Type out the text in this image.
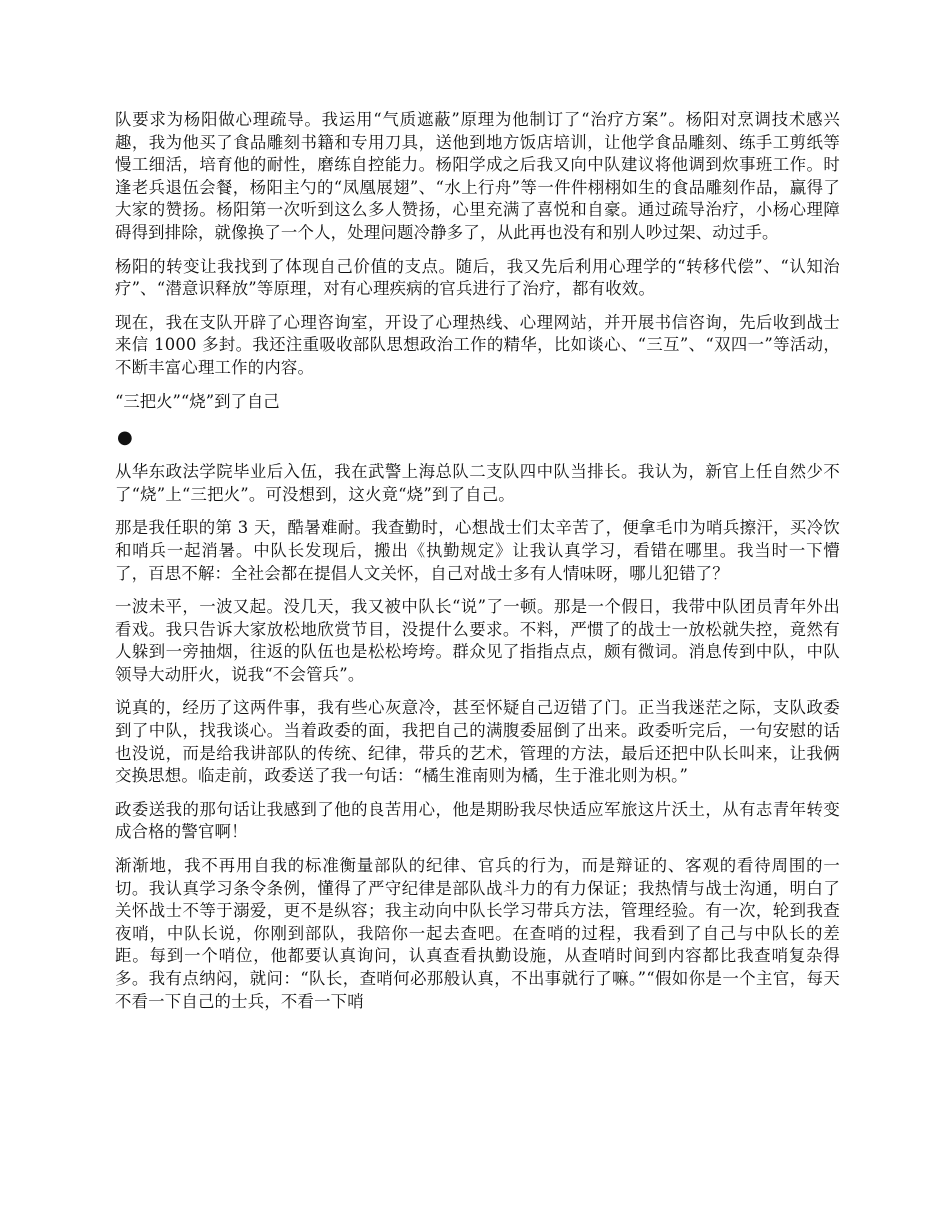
队要求为杨阳做心理疏导。我运用“气质遮蔽”原理为他制订了“治疗方案”。杨阳对烹调技术感兴趣，我为他买了食品雕刻书籍和专用刀具，送他到地方饭店培训，让他学食品雕刻、练手工剪纸等慢工细活，培育他的耐性，磨练自控能力。杨阳学成之后我又向中队建议将他调到炊事班工作。时逢老兵退伍会餐，杨阳主勺的“凤凰展翅”、“水上行舟”等一件件栩栩如生的食品雕刻作品，赢得了大家的赞扬。杨阳第一次听到这么多人赞扬，心里充满了喜悦和自豪。通过疏导治疗，小杨心理障碍得到排除，就像换了一个人，处理问题冷静多了，从此再也没有和别人吵过架、动过手。

杨阳的转变让我找到了体现自己价值的支点。随后，我又先后利用心理学的“转移代偿”、“认知治疗”、“潜意识释放”等原理，对有心理疾病的官兵进行了治疗，都有收效。

现在，我在支队开辟了心理咨询室，开设了心理热线、心理网站，并开展书信咨询，先后收到战士来信 1000 多封。我还注重吸收部队思想政治工作的精华，比如谈心、“三互”、“双四一”等活动，不断丰富心理工作的内容。

“三把火”“烧”到了自己

●

从华东政法学院毕业后入伍，我在武警上海总队二支队四中队当排长。我认为，新官上任自然少不了“烧”上“三把火”。可没想到，这火竟“烧”到了自己。

那是我任职的第 3 天，酷暑难耐。我查勤时，心想战士们太辛苦了，便拿毛巾为哨兵擦汗，买冷饮和哨兵一起消暑。中队长发现后，搬出《执勤规定》让我认真学习，看错在哪里。我当时一下懵了，百思不解：全社会都在提倡人文关怀，自己对战士多有人情味呀，哪儿犯错了？

一波未平，一波又起。没几天，我又被中队长“说”了一顿。那是一个假日，我带中队团员青年外出看戏。我只告诉大家放松地欣赏节目，没提什么要求。不料，严惯了的战士一放松就失控，竟然有人躲到一旁抽烟，往返的队伍也是松松垮垮。群众见了指指点点，颇有微词。消息传到中队，中队领导大动肝火，说我“不会管兵”。

说真的，经历了这两件事，我有些心灰意冷，甚至怀疑自己迈错了门。正当我迷茫之际，支队政委到了中队，找我谈心。当着政委的面，我把自己的满腹委屈倒了出来。政委听完后，一句安慰的话也没说，而是给我讲部队的传统、纪律，带兵的艺术，管理的方法，最后还把中队长叫来，让我俩交换思想。临走前，政委送了我一句话：“橘生淮南则为橘，生于淮北则为枳。”

政委送我的那句话让我感到了他的良苦用心，他是期盼我尽快适应军旅这片沃土，从有志青年转变成合格的警官啊！

渐渐地，我不再用自我的标准衡量部队的纪律、官兵的行为，而是辩证的、客观的看待周围的一切。我认真学习条令条例，懂得了严守纪律是部队战斗力的有力保证；我热情与战士沟通，明白了关怀战士不等于溺爱，更不是纵容；我主动向中队长学习带兵方法，管理经验。有一次，轮到我查夜哨，中队长说，你刚到部队，我陪你一起去查吧。在查哨的过程，我看到了自己与中队长的差距。每到一个哨位，他都要认真询问，认真查看执勤设施，从查哨时间到内容都比我查哨复杂得多。我有点纳闷，就问：“队长，查哨何必那般认真，不出事就行了嘛。”“假如你是一个主官，每天不看一下自己的士兵，不看一下哨
